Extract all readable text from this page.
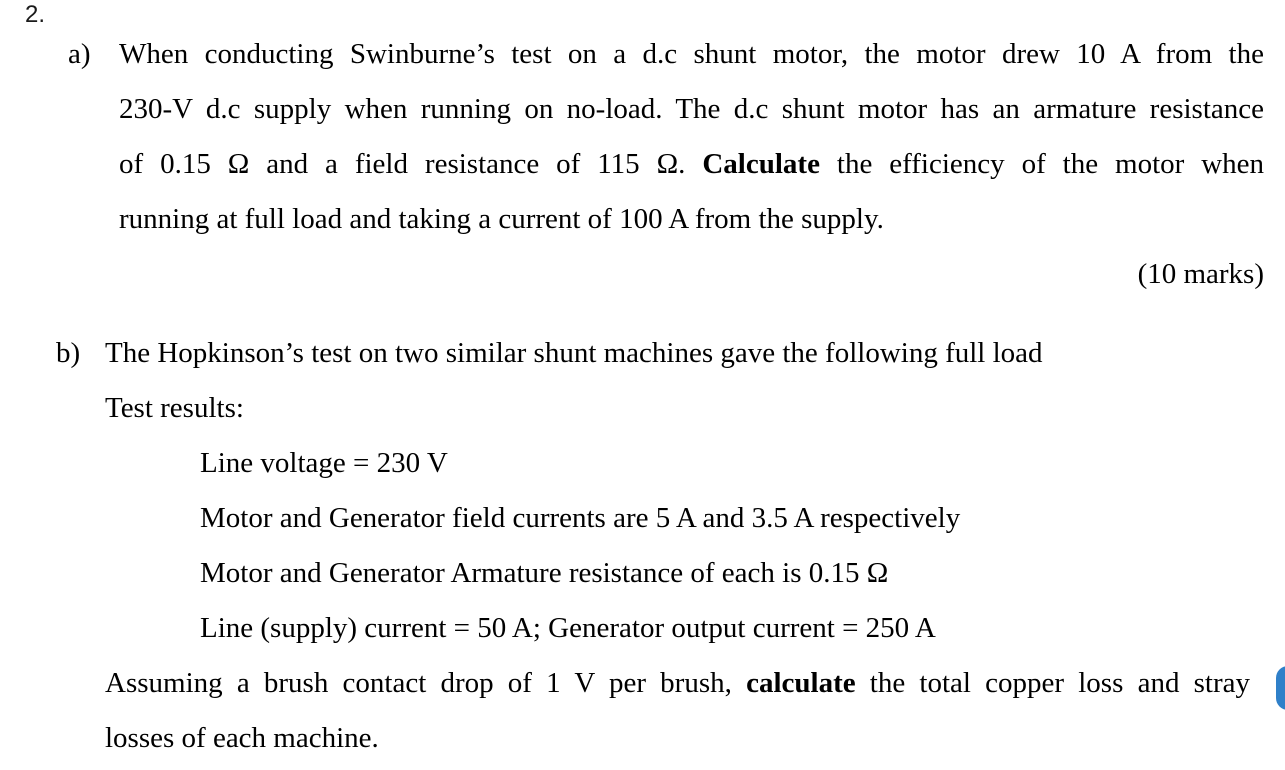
2.
a) When conducting Swinburne’s test on a d.c shunt motor, the motor drew 10 A from the
230-V d.c supply when running on no-load. The d.c shunt motor has an armature resistance
of 0.15 Ω and a field resistance of 115 Ω. Calculate the efficiency of the motor when
running at full load and taking a current of 100 A from the supply.
(10 marks)
b) The Hopkinson’s test on two similar shunt machines gave the following full load
Test results:
Line voltage = 230 V
Motor and Generator field currents are 5 A and 3.5 A respectively
Motor and Generator Armature resistance of each is 0.15 Ω
Line (supply) current = 50 A; Generator output current = 250 A
Assuming a brush contact drop of 1 V per brush, calculate the total copper loss and stray
losses of each machine.
